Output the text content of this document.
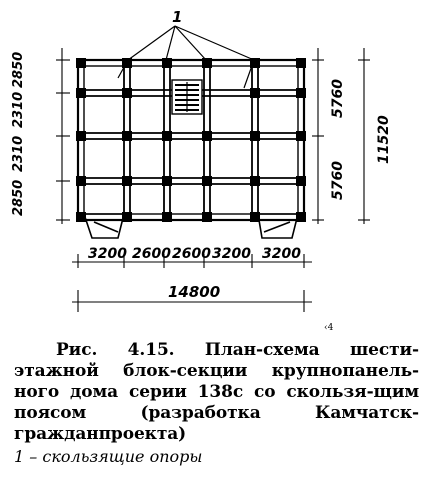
1
2850
2310
2310
2850
5760
5760
11520
3200 2600 2600 3200 3200
14800
‹4

Рис. 4.15. План-схема шести-этажной блок-секции крупнопанель-ного дома серии 138с со скользя-щим поясом (разработка Камчатск-гражданпроекта)

1 – скользящие опоры
